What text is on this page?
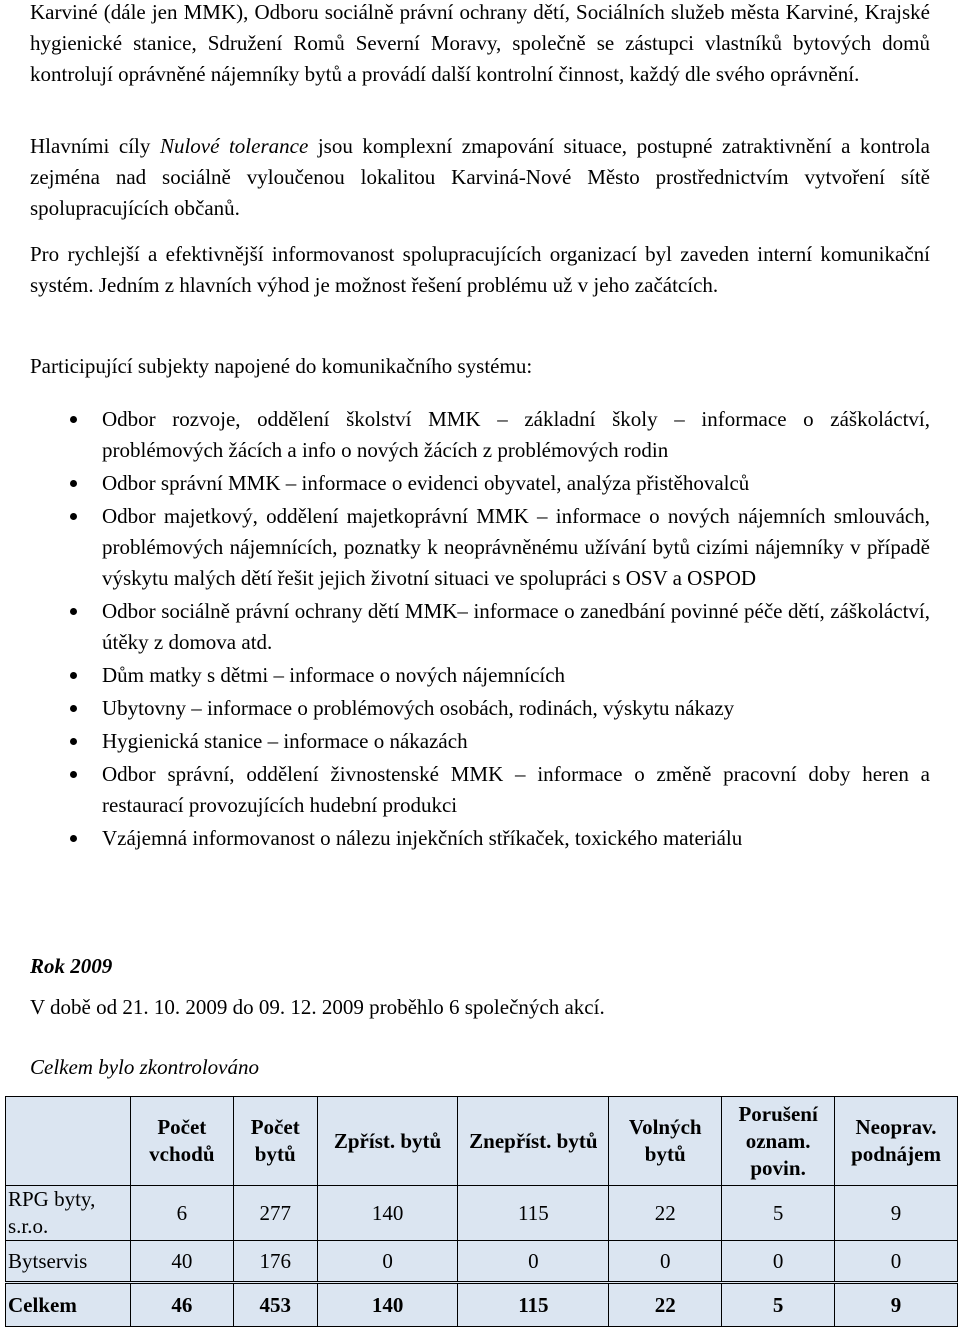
Karviné (dále jen MMK), Odboru sociálně právní ochrany dětí, Sociálních služeb města Karviné, Krajské hygienické stanice, Sdružení Romů Severní Moravy, společně se zástupci vlastníků bytových domů kontrolují oprávněné nájemníky bytů a provádí další kontrolní činnost, každý dle svého oprávnění.

Hlavními cíly Nulové tolerance jsou komplexní zmapování situace, postupné zatraktivnění a kontrola zejména nad sociálně vyloučenou lokalitou Karviná-Nové Město prostřednictvím vytvoření sítě spolupracujících občanů.

Pro rychlejší a efektivnější informovanost spolupracujících organizací byl zaveden interní komunikační systém. Jedním z hlavních výhod je možnost řešení problému už v jeho začátcích.

Participující subjekty napojené do komunikačního systému:

Odbor rozvoje, oddělení školství MMK – základní školy – informace o záškoláctví, problémových žácích a info o nových žácích z problémových rodin
Odbor správní MMK – informace o evidenci obyvatel, analýza přistěhovalců
Odbor majetkový, oddělení majetkoprávní MMK – informace o nových nájemních smlouvách, problémových nájemnících, poznatky k neoprávněnému užívání bytů cizími nájemníky v případě výskytu malých dětí řešit jejich životní situaci ve spolupráci s OSV a OSPOD
Odbor sociálně právní ochrany dětí MMK– informace o zanedbání povinné péče dětí, záškoláctví, útěky z domova atd.
Dům matky s dětmi – informace o nových nájemnících
Ubytovny – informace o problémových osobách, rodinách, výskytu nákazy
Hygienická stanice – informace o nákazách
Odbor správní, oddělení živnostenské MMK – informace o změně pracovní doby heren a restaurací provozujících hudební produkci
Vzájemná informovanost o nálezu injekčních stříkaček, toxického materiálu
Rok 2009
V době od 21. 10. 2009 do 09. 12. 2009 proběhlo 6 společných akcí.
Celkem bylo zkontrolováno
	Počet vchodů	Počet bytů	Zpříst. bytů	Znepříst. bytů	Volných bytů	Porušení oznam. povin.	Neoprav. podnájem
RPG byty, s.r.o.	6	277	140	115	22	5	9
Bytservis	40	176	0	0	0	0	0
Celkem	46	453	140	115	22	5	9
